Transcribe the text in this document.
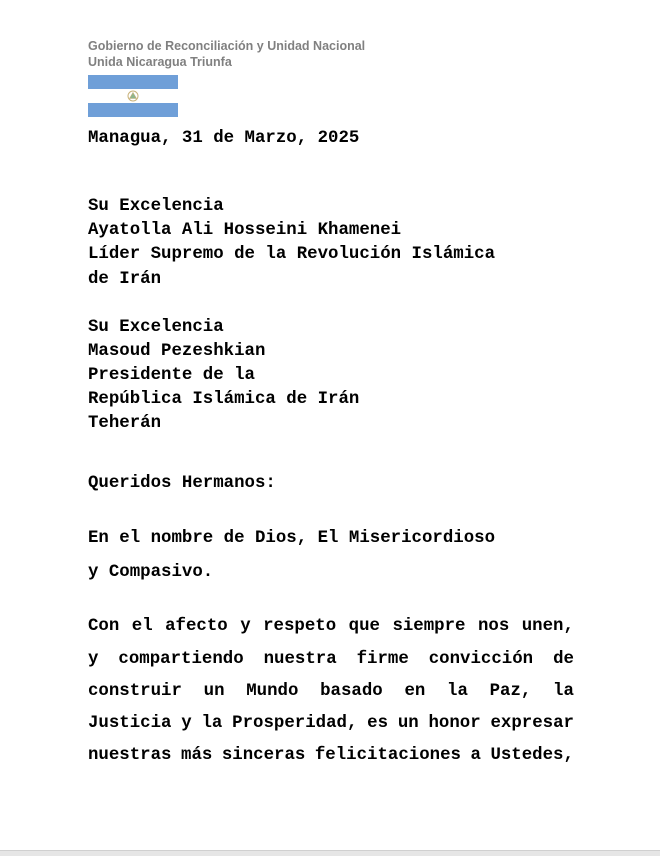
Gobierno de Reconciliación y Unidad Nacional
Unida Nicaragua Triunfa
Managua, 31 de Marzo, 2025
Su Excelencia
Ayatolla Ali Hosseini Khamenei
Líder Supremo de la Revolución Islámica
de Irán
Su Excelencia
Masoud Pezeshkian
Presidente de la
República Islámica de Irán
Teherán
Queridos Hermanos:
En el nombre de Dios, El Misericordioso
y Compasivo.
Con el afecto y respeto que siempre nos unen,
y compartiendo nuestra firme convicción de
construir un Mundo basado en la Paz, la
Justicia y la Prosperidad, es un honor expresar
nuestras más sinceras felicitaciones a Ustedes,
